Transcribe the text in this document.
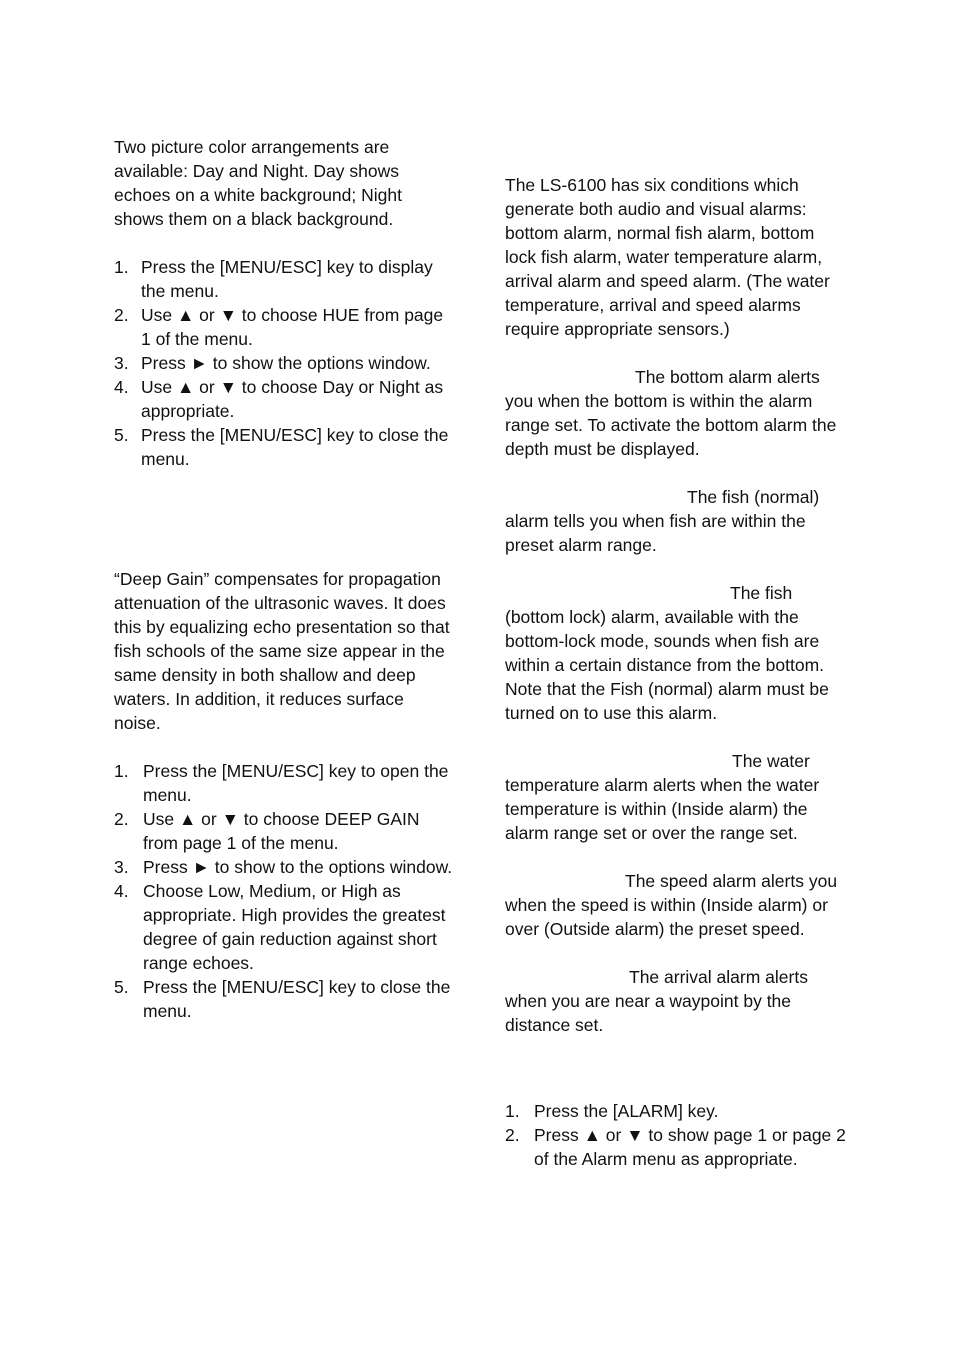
Two picture color arrangements are
available: Day and Night. Day shows
echoes on a white background; Night
shows them on a black background.

1. Press the [MENU/ESC] key to display
the menu.
2. Use ▲ or ▼ to choose HUE from page
1 of the menu.
3. Press ► to show the options window.
4. Use ▲ or ▼ to choose Day or Night as
appropriate.
5. Press the [MENU/ESC] key to close the
menu.

“Deep Gain” compensates for propagation
attenuation of the ultrasonic waves. It does
this by equalizing echo presentation so that
fish schools of the same size appear in the
same density in both shallow and deep
waters. In addition, it reduces surface
noise.

1. Press the [MENU/ESC] key to open the
menu.
2. Use ▲ or ▼ to choose DEEP GAIN
from page 1 of the menu.
3. Press ► to show to the options window.
4. Choose Low, Medium, or High as
appropriate. High provides the greatest
degree of gain reduction against short
range echoes.
5. Press the [MENU/ESC] key to close the
menu.

The LS-6100 has six conditions which
generate both audio and visual alarms:
bottom alarm, normal fish alarm, bottom
lock fish alarm, water temperature alarm,
arrival alarm and speed alarm. (The water
temperature, arrival and speed alarms
require appropriate sensors.)

The bottom alarm alerts
you when the bottom is within the alarm
range set. To activate the bottom alarm the
depth must be displayed.

The fish (normal)
alarm tells you when fish are within the
preset alarm range.

The fish
(bottom lock) alarm, available with the
bottom-lock mode, sounds when fish are
within a certain distance from the bottom.
Note that the Fish (normal) alarm must be
turned on to use this alarm.

The water
temperature alarm alerts when the water
temperature is within (Inside alarm) the
alarm range set or over the range set.

The speed alarm alerts you
when the speed is within (Inside alarm) or
over (Outside alarm) the preset speed.

The arrival alarm alerts
when you are near a waypoint by the
distance set.

1. Press the [ALARM] key.
2. Press ▲ or ▼ to show page 1 or page 2
of the Alarm menu as appropriate.
